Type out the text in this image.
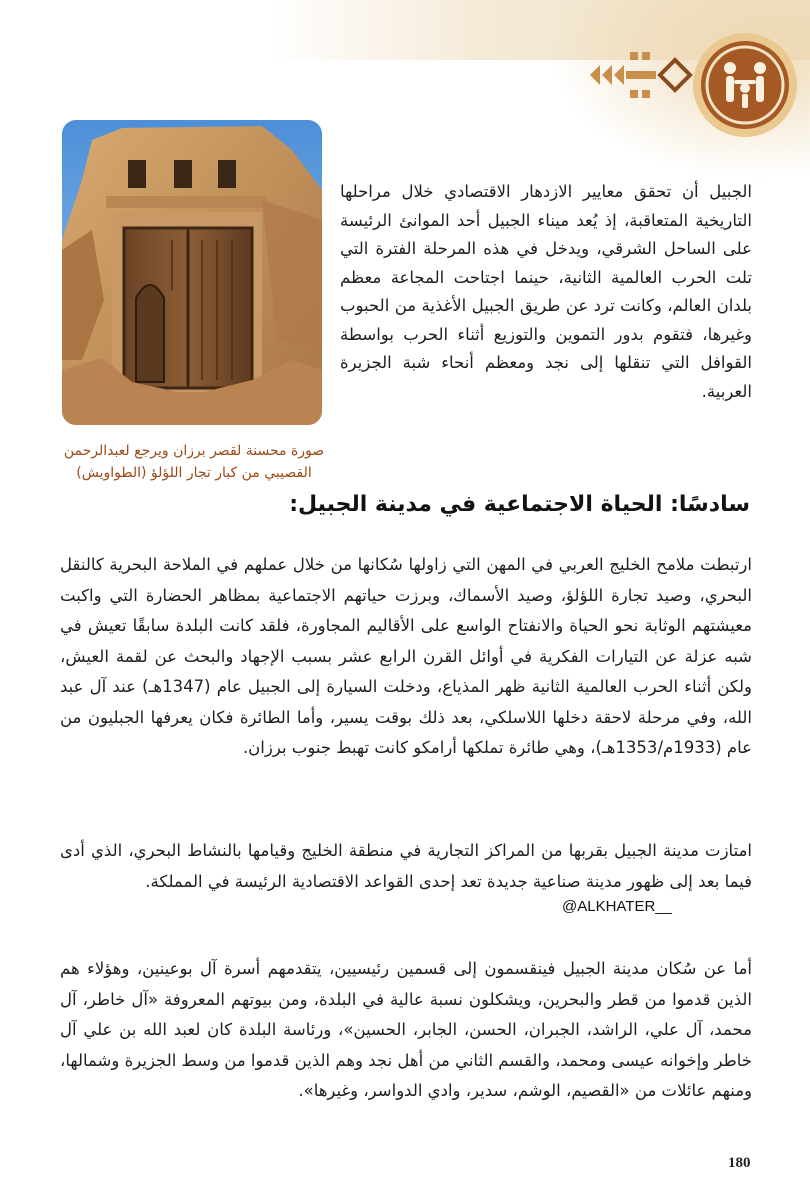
صورة محسنة لقصر برزان ويرجع لعبدالرحمن
القصيبي من كبار تجار اللؤلؤ (الطواويش)
الجبيل أن تحقق معايير الازدهار الاقتصادي خلال مراحلها التاريخية المتعاقبة، إذ يُعد ميناء الجبيل أحد الموانئ الرئيسة على الساحل الشرقي، ويدخل في هذه المرحلة الفترة التي تلت الحرب العالمية الثانية، حينما اجتاحت المجاعة معظم بلدان العالم، وكانت ترد عن طريق الجبيل الأغذية من الحبوب وغيرها، فتقوم بدور التموين والتوزيع أثناء الحرب بواسطة القوافل التي تنقلها إلى نجد ومعظم أنحاء شبة الجزيرة العربية.
سادسًا: الحياة الاجتماعية في مدينة الجبيل:
ارتبطت ملامح الخليج العربي في المهن التي زاولها سُكانها من خلال عملهم في الملاحة البحرية كالنقل البحري، وصيد تجارة اللؤلؤ، وصيد الأسماك، وبرزت حياتهم الاجتماعية بمظاهر الحضارة التي واكبت معيشتهم الوثابة نحو الحياة والانفتاح الواسع على الأقاليم المجاورة، فلقد كانت البلدة سابقًا تعيش في شبه عزلة عن التيارات الفكرية في أوائل القرن الرابع عشر بسبب الإجهاد والبحث عن لقمة العيش، ولكن أثناء الحرب العالمية الثانية ظهر المذياع، ودخلت السيارة إلى الجبيل عام (1347هـ) عند آل عبد الله، وفي مرحلة لاحقة دخلها اللاسلكي، بعد ذلك بوقت يسير، وأما الطائرة فكان يعرفها الجبليون من عام (1933م/1353هـ)، وهي طائرة تملكها أرامكو كانت تهبط جنوب برزان.
امتازت مدينة الجبيل بقربها من المراكز التجارية في منطقة الخليج وقيامها بالنشاط البحري، الذي أدى فيما بعد إلى ظهور مدينة صناعية جديدة تعد إحدى القواعد الاقتصادية الرئيسة في المملكة.
أما عن سُكان مدينة الجبيل فينقسمون إلى قسمين رئيسيين، يتقدمهم أسرة آل بوعينين، وهؤلاء هم الذين قدموا من قطر والبحرين، ويشكلون نسبة عالية في البلدة، ومن بيوتهم المعروفة «آل خاطر، آل محمد، آل علي، الراشد، الجبران، الحسن، الجابر، الحسين»، ورئاسة البلدة كان لعبد الله بن علي آل خاطر وإخوانه عيسى ومحمد، والقسم الثاني من أهل نجد وهم الذين قدموا من وسط الجزيرة وشمالها، ومنهم عائلات من «القصيم، الوشم، سدير، وادي الدواسر، وغيرها».
@ALKHATER__
180
